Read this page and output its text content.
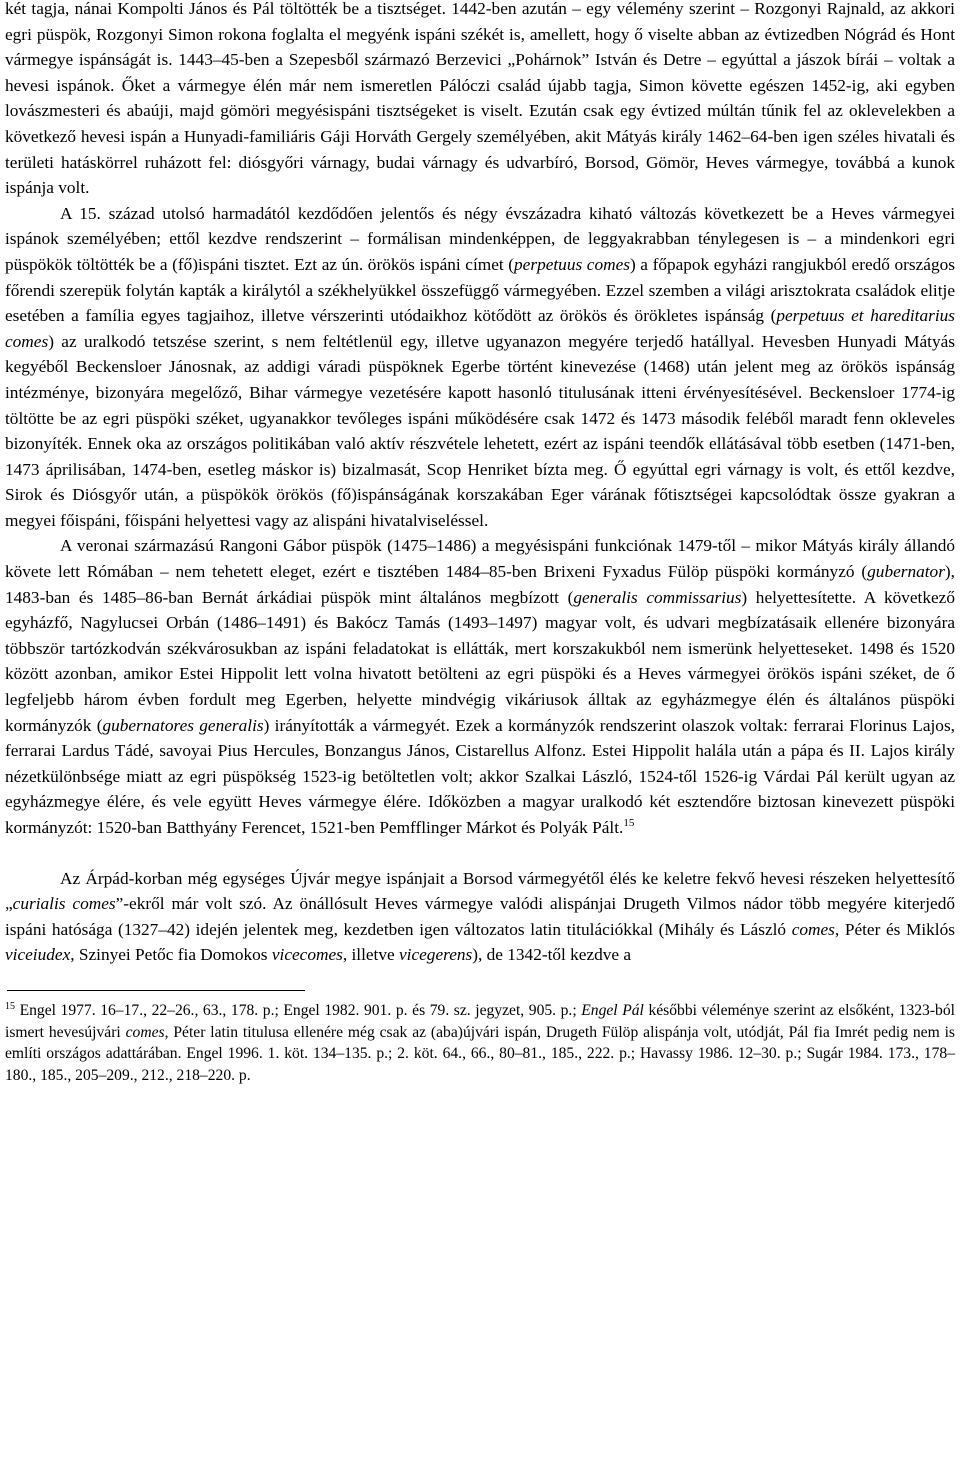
két tagja, nánai Kompolti János és Pál töltötték be a tisztséget. 1442-ben azután – egy vélemény szerint – Rozgonyi Rajnald, az akkori egri püspök, Rozgonyi Simon rokona foglalta el megyénk ispáni székét is, amellett, hogy ő viselte abban az évtizedben Nógrád és Hont vármegye ispánságát is. 1443–45-ben a Szepesből származó Berzevici „Pohárnok” István és Detre – egyúttal a jászok bírái – voltak a hevesi ispánok. Őket a vármegye élén már nem ismeretlen Pálóczi család újabb tagja, Simon követte egészen 1452-ig, aki egyben lovászmesteri és abaúji, majd gömöri megyésispáni tisztségeket is viselt. Ezután csak egy évtized múltán tűnik fel az oklevelekben a következő hevesi ispán a Hunyadi-familiáris Gáji Horváth Gergely személyében, akit Mátyás király 1462–64-ben igen széles hivatali és területi hatáskörrel ruházott fel: diósgyőri várnagy, budai várnagy és udvarbíró, Borsod, Gömör, Heves vármegye, továbbá a kunok ispánja volt.

A 15. század utolsó harmadától kezdődően jelentős és négy évszázadra kiható változás következett be a Heves vármegyei ispánok személyében; ettől kezdve rendszerint – formálisan mindenképpen, de leggyakrabban ténylegesen is – a mindenkori egri püspökök töltötték be a (fő)ispáni tisztet. Ezt az ún. örökös ispáni címet (perpetuus comes) a főpapok egyházi rangjukból eredő országos főrendi szerepük folytán kapták a királytól a székhelyükkel összefüggő vármegyében. Ezzel szemben a világi arisztokrata családok elitje esetében a família egyes tagjaihoz, illetve vérszerinti utódaikhoz kötődött az örökös és örökletes ispánság (perpetuus et hareditarius comes) az uralkodó tetszése szerint, s nem feltétlenül egy, illetve ugyanazon megyére terjedő hatállyal. Hevesben Hunyadi Mátyás kegyéből Beckensloer Jánosnak, az addigi váradi püspöknek Egerbe történt kinevezése (1468) után jelent meg az örökös ispánság intézménye, bizonyára megelőző, Bihar vármegye vezetésére kapott hasonló titulusának itteni érvényesítésével. Beckensloer 1774-ig töltötte be az egri püspöki széket, ugyanakkor tevőleges ispáni működésére csak 1472 és 1473 második feléből maradt fenn okleveles bizonyíték. Ennek oka az országos politikában való aktív részvétele lehetett, ezért az ispáni teendők ellátásával több esetben (1471-ben, 1473 áprilisában, 1474-ben, esetleg máskor is) bizalmasát, Scop Henriket bízta meg. Ő egyúttal egri várnagy is volt, és ettől kezdve, Sirok és Diósgyőr után, a püspökök örökös (fő)ispánságának korszakában Eger várának főtisztségei kapcsolódtak össze gyakran a megyei főispáni, főispáni helyettesi vagy az alispáni hivatalviseléssel.

A veronai származású Rangoni Gábor püspök (1475–1486) a megyésispáni funkciónak 1479-től – mikor Mátyás király állandó követe lett Rómában – nem tehetett eleget, ezért e tisztében 1484–85-ben Brixeni Fyxadus Fülöp püspöki kormányzó (gubernator), 1483-ban és 1485–86-ban Bernát árkádiai püspök mint általános megbízott (generalis commissarius) helyettesítette. A következő egyházfő, Nagylucsei Orbán (1486–1491) és Bakócz Tamás (1493–1497) magyar volt, és udvari megbízatásaik ellenére bizonyára többször tartózkodván székvárosukban az ispáni feladatokat is ellátták, mert korszakukból nem ismerünk helyetteseket. 1498 és 1520 között azonban, amikor Estei Hippolit lett volna hivatott betölteni az egri püspöki és a Heves vármegyei örökös ispáni széket, de ő legfeljebb három évben fordult meg Egerben, helyette mindvégig vikáriusok álltak az egyházmegye élén és általános püspöki kormányzók (gubernatores generalis) irányították a vármegyét. Ezek a kormányzók rendszerint olaszok voltak: ferrarai Florinus Lajos, ferrarai Lardus Tádé, savoyai Pius Hercules, Bonzangus János, Cistarellus Alfonz. Estei Hippolit halála után a pápa és II. Lajos király nézetkülönbsége miatt az egri püspökség 1523-ig betöltetlen volt; akkor Szalkai László, 1524-től 1526-ig Várdai Pál került ugyan az egyházmegye élére, és vele együtt Heves vármegye élére. Időközben a magyar uralkodó két esztendőre biztosan kinevezett püspöki kormányzót: 1520-ban Batthyány Ferencet, 1521-ben Pemfflinger Márkot és Polyák Pált.$^{15}$

Az Árpád-korban még egységes Újvár megye ispánjait a Borsod vármegyétől élés ke keletre fekvő hevesi részeken helyettesítő „curialis comes”-ekről már volt szó. Az önállósult Heves vármegye valódi alispánjai Drugeth Vilmos nádor több megyére kiterjedő ispáni hatósága (1327–42) idején jelentek meg, kezdetben igen változatos latin titulációkkal (Mihály és László comes, Péter és Miklós viceiudex, Szinyei Petőc fia Domokos vicecomes, illetve vicegerens), de 1342-től kezdve a

$^{15}$ Engel 1977. 16–17., 22–26., 63., 178. p.; Engel 1982. 901. p. és 79. sz. jegyzet, 905. p.; Engel Pál későbbi véleménye szerint az elsőként, 1323-ból ismert hevesújvári comes, Péter latin titulusa ellenére még csak az (aba)újvári ispán, Drugeth Fülöp alispánja volt, utódját, Pál fia Imrét pedig nem is említi országos adattárában. Engel 1996. 1. köt. 134–135. p.; 2. köt. 64., 66., 80–81., 185., 222. p.; Havassy 1986. 12–30. p.; Sugár 1984. 173., 178–180., 185., 205–209., 212., 218–220. p.
